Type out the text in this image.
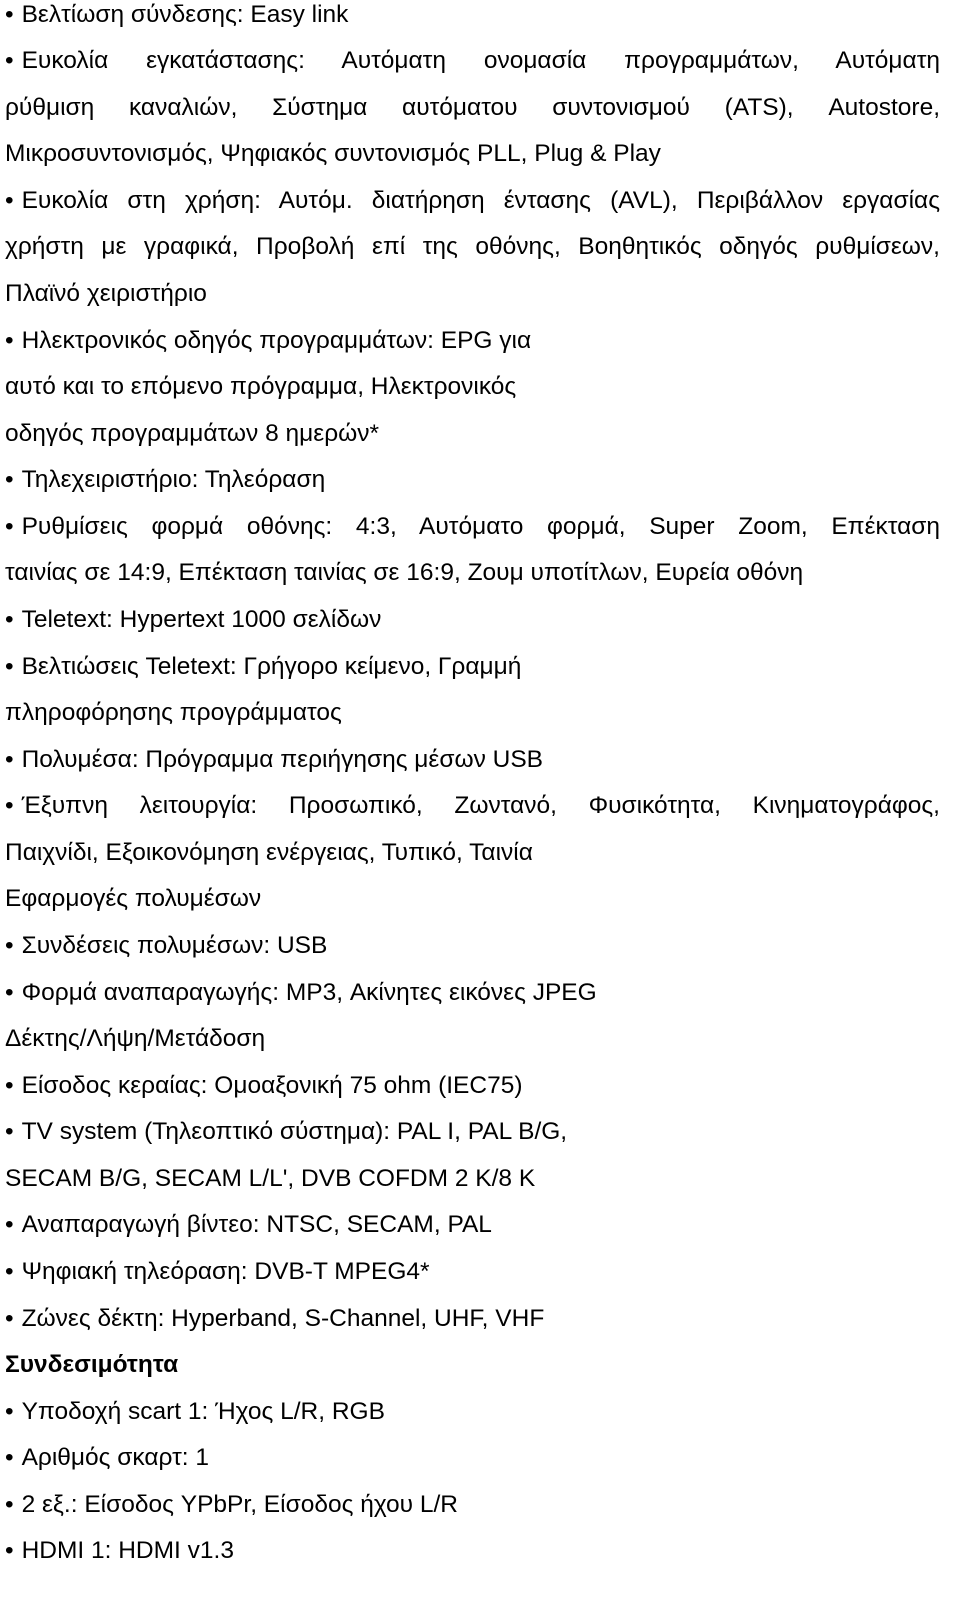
• Βελτίωση σύνδεσης: Easy link

• Ευκολία εγκατάστασης: Αυτόματη ονομασία προγραμμάτων, Αυτόματη

ρύθμιση καναλιών, Σύστημα αυτόματου συντονισμού (ATS), Autostore,

Μικροσυντονισμός, Ψηφιακός συντονισμός PLL, Plug & Play

• Ευκολία στη χρήση: Αυτόμ. διατήρηση έντασης (AVL), Περιβάλλον εργασίας

χρήστη με γραφικά, Προβολή επί της οθόνης, Βοηθητικός οδηγός ρυθμίσεων,

Πλαϊνό χειριστήριο

• Ηλεκτρονικός οδηγός προγραμμάτων: EPG για

αυτό και το επόμενο πρόγραμμα, Ηλεκτρονικός

οδηγός προγραμμάτων 8 ημερών*

• Τηλεχειριστήριο: Τηλεόραση

• Ρυθμίσεις φορμά οθόνης: 4:3, Αυτόματο φορμά, Super Zoom, Επέκταση

ταινίας σε 14:9, Επέκταση ταινίας σε 16:9, Ζουμ υποτίτλων, Ευρεία οθόνη

• Teletext: Hypertext 1000 σελίδων

• Βελτιώσεις Teletext: Γρήγορο κείμενο, Γραμμή

πληροφόρησης προγράμματος

• Πολυμέσα: Πρόγραμμα περιήγησης μέσων USB

• Έξυπνη λειτουργία: Προσωπικό, Ζωντανό, Φυσικότητα, Κινηματογράφος,

Παιχνίδι, Εξοικονόμηση ενέργειας, Τυπικό, Ταινία

Εφαρμογές πολυμέσων

• Συνδέσεις πολυμέσων: USB

• Φορμά αναπαραγωγής: MP3, Ακίνητες εικόνες JPEG

Δέκτης/Λήψη/Μετάδοση

• Είσοδος κεραίας: Ομοαξονική 75 ohm (IEC75)

• TV system (Τηλεοπτικό σύστημα): PAL I, PAL B/G,

SECAM B/G, SECAM L/L', DVB COFDM 2 K/8 K

• Αναπαραγωγή βίντεο: NTSC, SECAM, PAL

• Ψηφιακή τηλεόραση: DVB-T MPEG4*

• Ζώνες δέκτη: Hyperband, S-Channel, UHF, VHF

Συνδεσιμότητα

• Υποδοχή scart 1: Ήχος L/R, RGB

• Αριθμός σκαρτ: 1

• 2 εξ.: Είσοδος YPbPr, Είσοδος ήχου L/R

• HDMI 1: HDMI v1.3
